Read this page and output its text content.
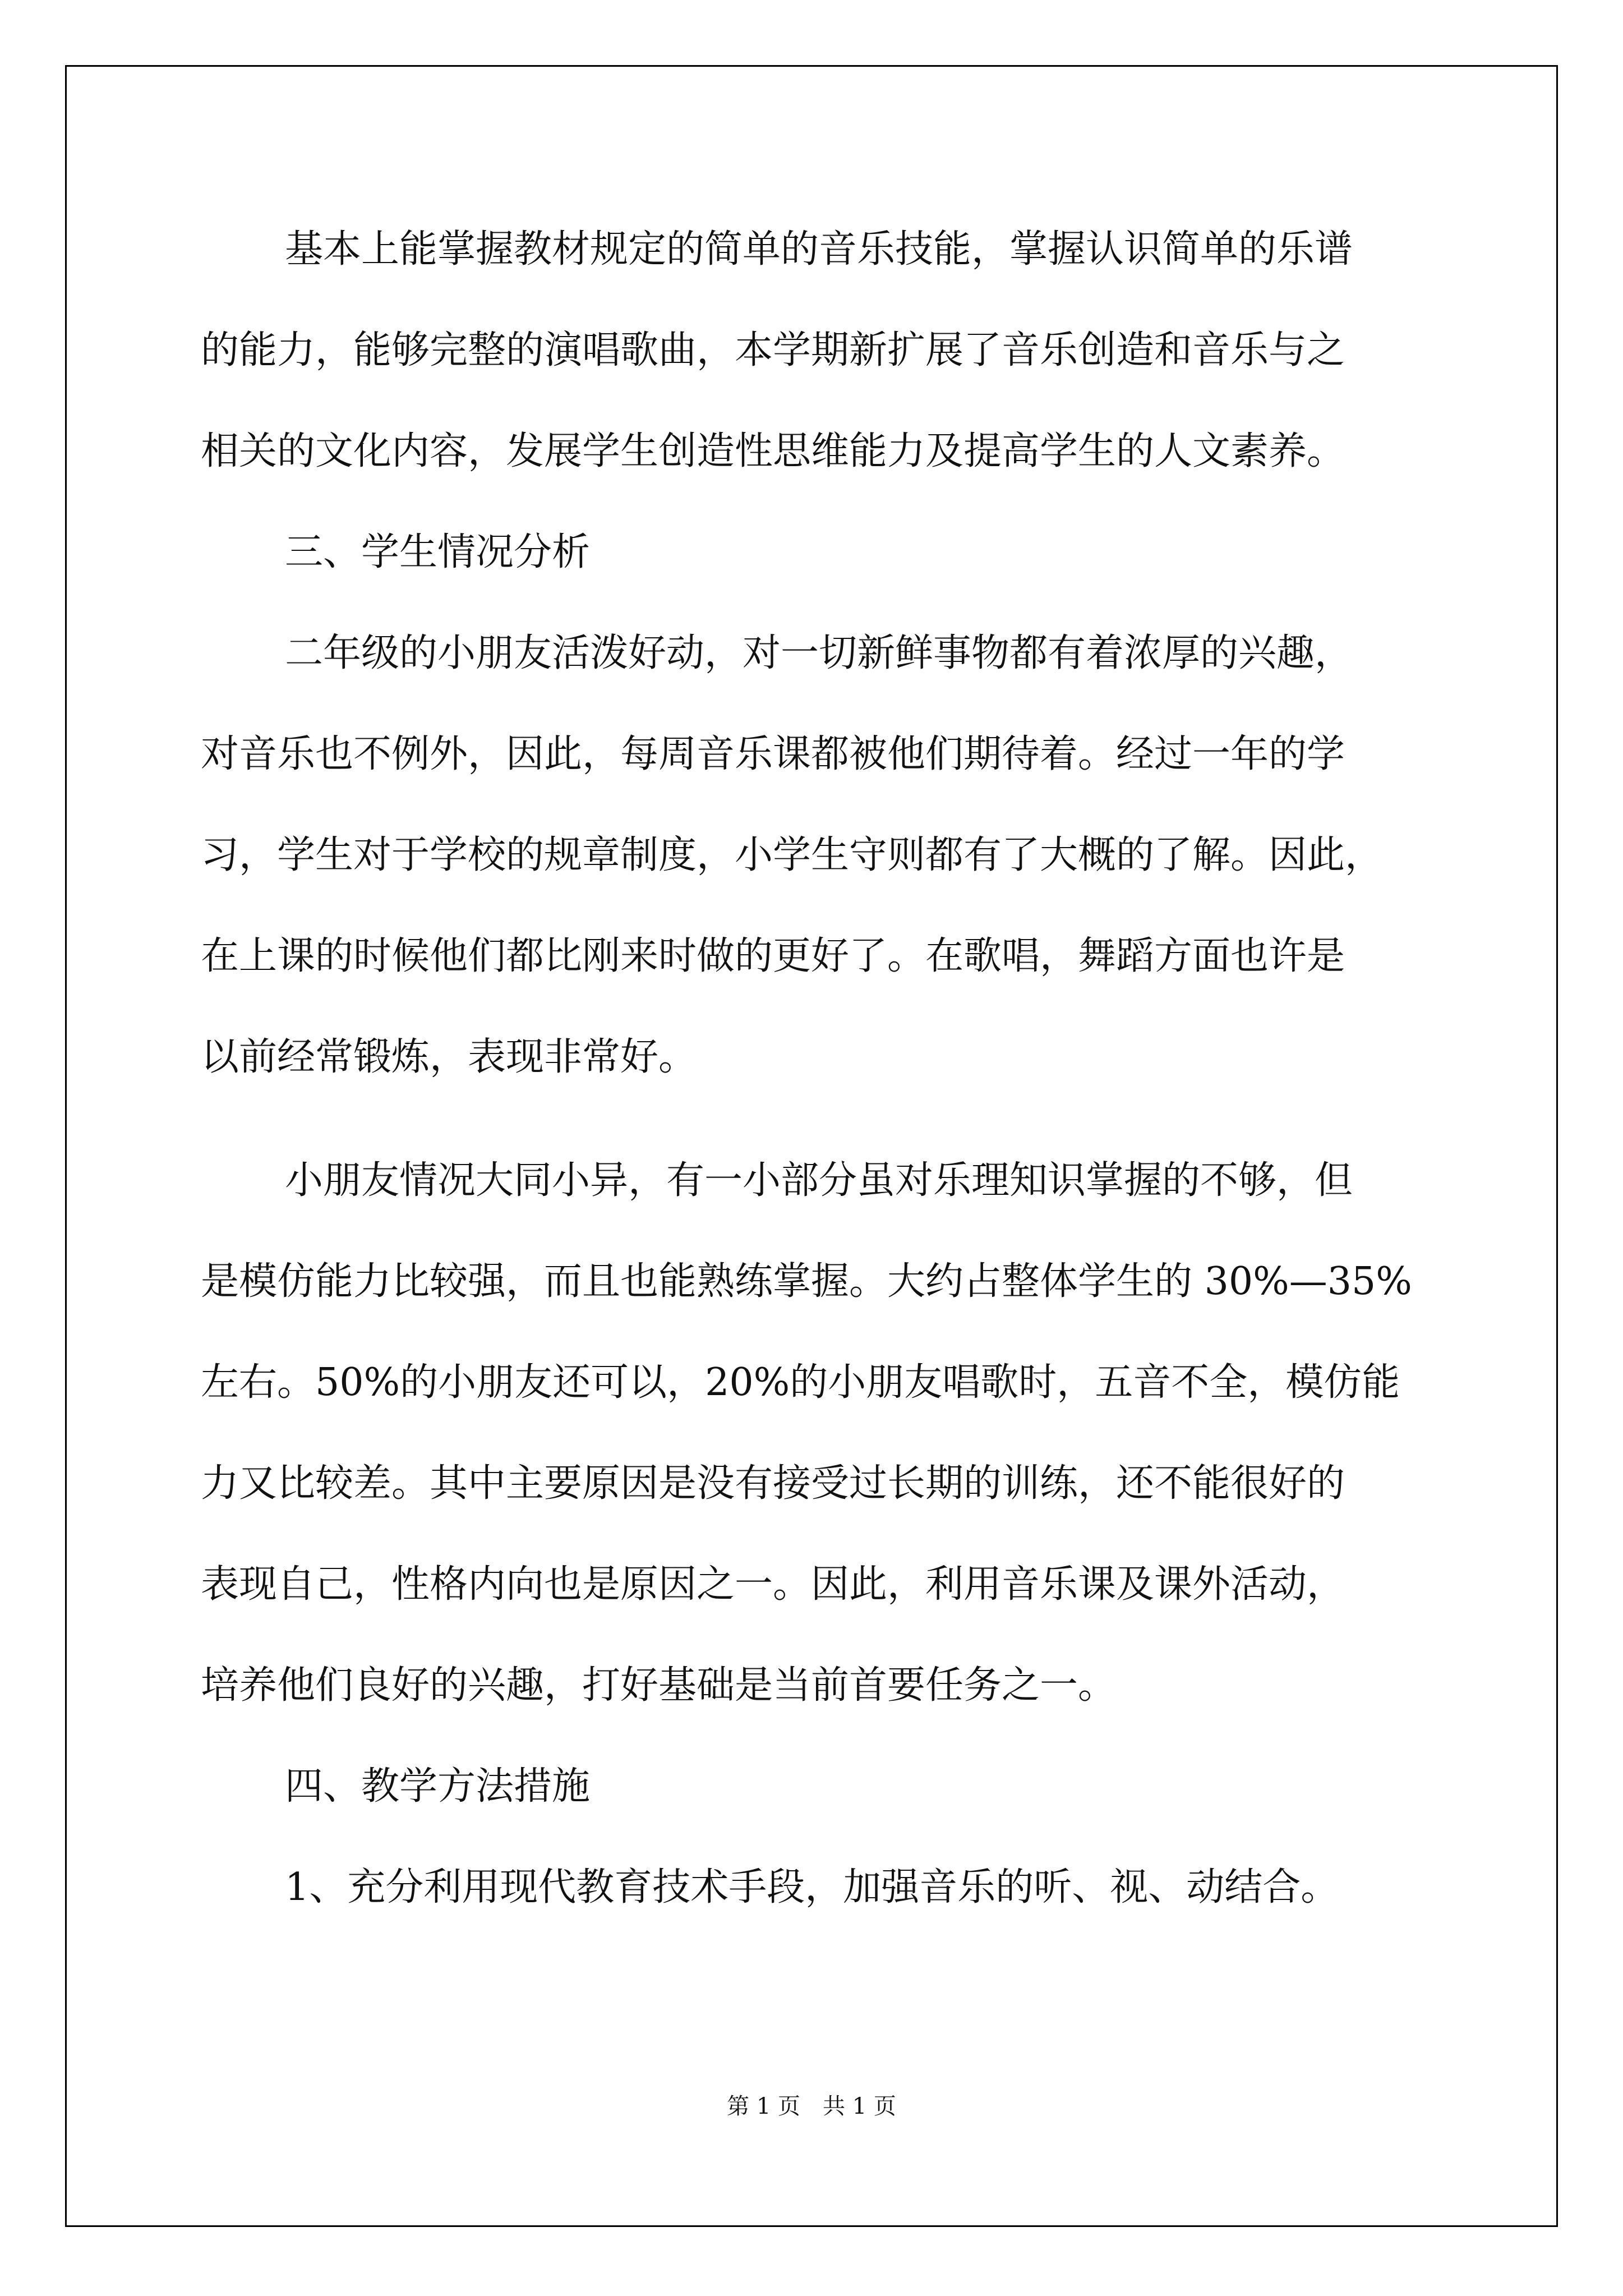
基本上能掌握教材规定的简单的音乐技能，掌握认识简单的乐谱
的能力，能够完整的演唱歌曲，本学期新扩展了音乐创造和音乐与之
相关的文化内容，发展学生创造性思维能力及提高学生的人文素养。
三、学生情况分析
二年级的小朋友活泼好动，对一切新鲜事物都有着浓厚的兴趣，
对音乐也不例外，因此，每周音乐课都被他们期待着。经过一年的学
习，学生对于学校的规章制度，小学生守则都有了大概的了解。因此，
在上课的时候他们都比刚来时做的更好了。在歌唱，舞蹈方面也许是
以前经常锻炼，表现非常好。
小朋友情况大同小异，有一小部分虽对乐理知识掌握的不够，但
是模仿能力比较强，而且也能熟练掌握。大约占整体学生的 30%—35%
左右。50%的小朋友还可以，20%的小朋友唱歌时，五音不全，模仿能
力又比较差。其中主要原因是没有接受过长期的训练，还不能很好的
表现自己，性格内向也是原因之一。因此，利用音乐课及课外活动，
培养他们良好的兴趣，打好基础是当前首要任务之一。
四、教学方法措施
1、充分利用现代教育技术手段，加强音乐的听、视、动结合。
第 1 页 共 1 页
